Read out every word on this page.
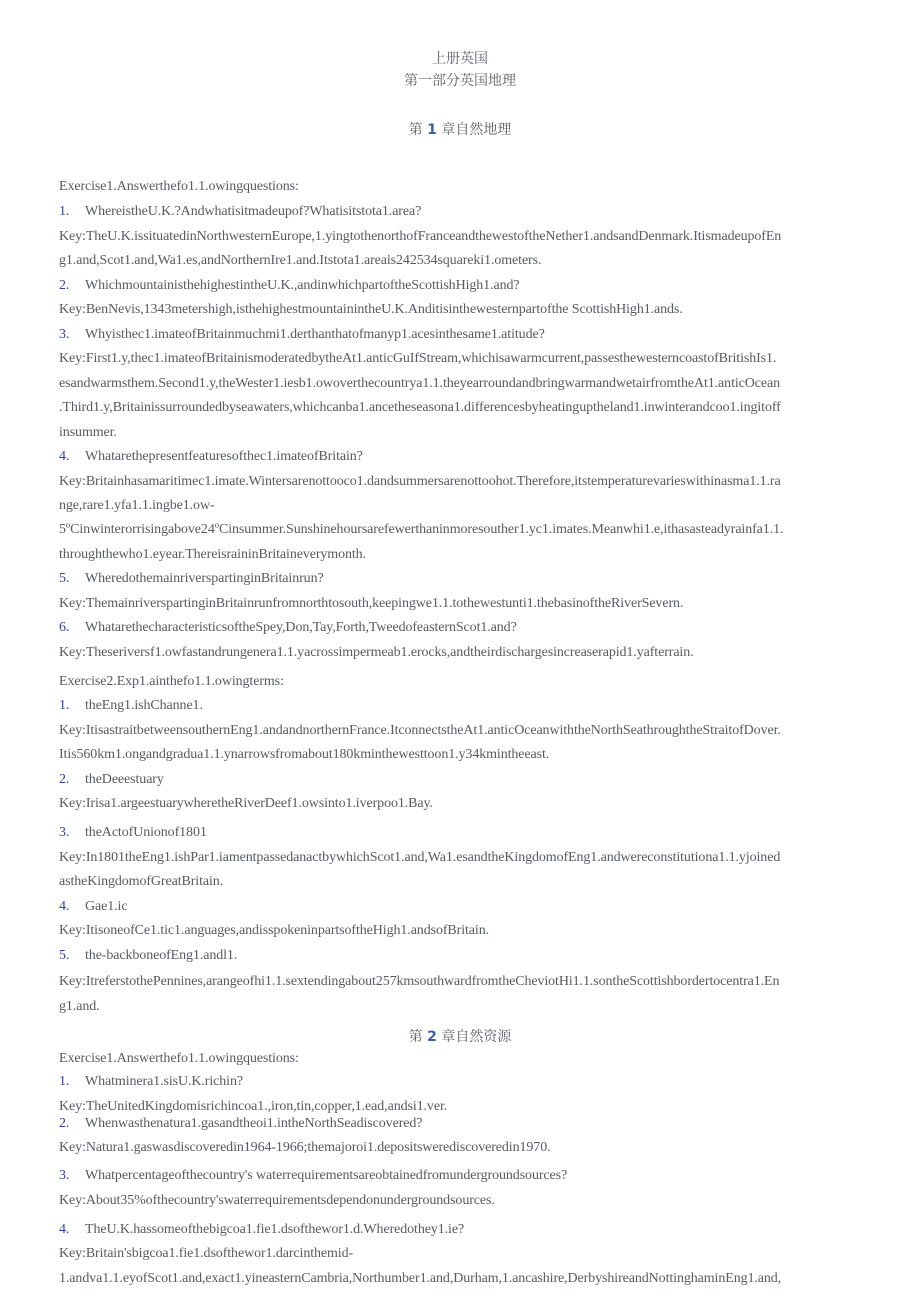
上册英国
第一部分英国地理
第 1 章自然地理
Exercise1.Answerthefo1.1.owingquestions:
1. WhereistheU.K.?Andwhatisitmadeupof?Whatisitstota1.area?
Key:TheU.K.issituatedinNorthwesternEurope,1.yingtothenorthofFranceandthewestoftheNether1.andsandDenmark.ItismadeupofEn
g1.and,Scot1.and,Wa1.es,andNorthernIre1.and.Itstota1.areais242534squareki1.ometers.
2. WhichmountainisthehighestintheU.K.,andinwhichpartoftheScottishHigh1.and?
Key:BenNevis,1343metershigh,isthehighestmountainintheU.K.Anditisinthewesternpartofthe ScottishHigh1.ands.
3. Whyisthec1.imateofBritainmuchmi1.derthanthatofmanyp1.acesinthesame1.atitude?
Key:First1.y,thec1.imateofBritainismoderatedbytheAt1.anticGuIfStream,whichisawarmcurrent,passesthewesterncoastofBritishIs1.
esandwarmsthem.Second1.y,theWester1.iesb1.owoverthecountrya1.1.theyearroundandbringwarmandwetairfromtheAt1.anticOcean
.Third1.y,Britainissurroundedbyseawaters,whichcanba1.ancetheseasona1.differencesbyheatinguptheland1.inwinterandcoo1.ingitoff
insummer.
4. Whatarethepresentfeaturesofthec1.imateofBritain?
Key:Britainhasamaritimec1.imate.Wintersarenottooco1.dandsummersarenottoohot.Therefore,itstemperaturevarieswithinasma1.1.ra
nge,rare1.yfa1.1.ingbe1.ow-
5ºCinwinterorrisingabove24ºCinsummer.Sunshinehoursarefewerthaninmoresouther1.yc1.imates.Meanwhi1.e,ithasasteadyrainfa1.1.
throughthewho1.eyear.ThereisraininBritaineverymonth.
5. WheredothemainriverspartinginBritainrun?
Key:ThemainriverspartinginBritainrunfromnorthtosouth,keepingwe1.1.tothewestunti1.thebasinoftheRiverSevern.
6. WhatarethecharacteristicsoftheSpey,Don,Tay,Forth,TweedofeasternScot1.and?
Key:Theseriversf1.owfastandrungenera1.1.yacrossimpermeab1.erocks,andtheirdischargesincreaserapid1.yafterrain.
Exercise2.Exp1.ainthefo1.1.owingterms:
1. theEng1.ishChanne1.
Key:ItisastraitbetweensouthernEng1.andandnorthernFrance.ItconnectstheAt1.anticOceanwiththeNorthSeathroughtheStraitofDover.
Itis560km1.ongandgradua1.1.ynarrowsfromabout180kminthewesttoon1.y34kmintheeast.
2. theDeeestuary
Key:Irisa1.argeestuarywheretheRiverDeef1.owsinto1.iverpoo1.Bay.
3. theActofUnionof1801
Key:In1801theEng1.ishPar1.iamentpassedanactbywhichScot1.and,Wa1.esandtheKingdomofEng1.andwereconstitutiona1.1.yjoined
astheKingdomofGreatBritain.
4. Gae1.ic
Key:ItisoneofCe1.tic1.anguages,andisspokeninpartsoftheHigh1.andsofBritain.
5. the-backboneofEng1.andl1.
Key:ItreferstothePennines,arangeofhi1.1.sextendingabout257kmsouthwardfromtheCheviotHi1.1.sontheScottishbordertocentra1.En
g1.and.
第 2 章自然资源
Exercise1.Answerthefo1.1.owingquestions:
1. Whatminera1.sisU.K.richin?
Key:TheUnitedKingdomisrichincoa1.,iron,tin,copper,1.ead,andsi1.ver.
2. Whenwasthenatura1.gasandtheoi1.intheNorthSeadiscovered?
Key:Natura1.gaswasdiscoveredin1964-1966;themajoroi1.depositswerediscoveredin1970.
3. Whatpercentageofthecountry's waterrequirementsareobtainedfromundergroundsources?
Key:About35%ofthecountry'swaterrequirementsdependonundergroundsources.
4. TheU.K.hassomeofthebigcoa1.fie1.dsofthewor1.d.Wheredothey1.ie?
Key:Britain'sbigcoa1.fie1.dsofthewor1.darcinthemid-
1.andva1.1.eyofScot1.and,exact1.yineasternCambria,Northumber1.and,Durham,1.ancashire,DerbyshireandNottinghaminEng1.and,
